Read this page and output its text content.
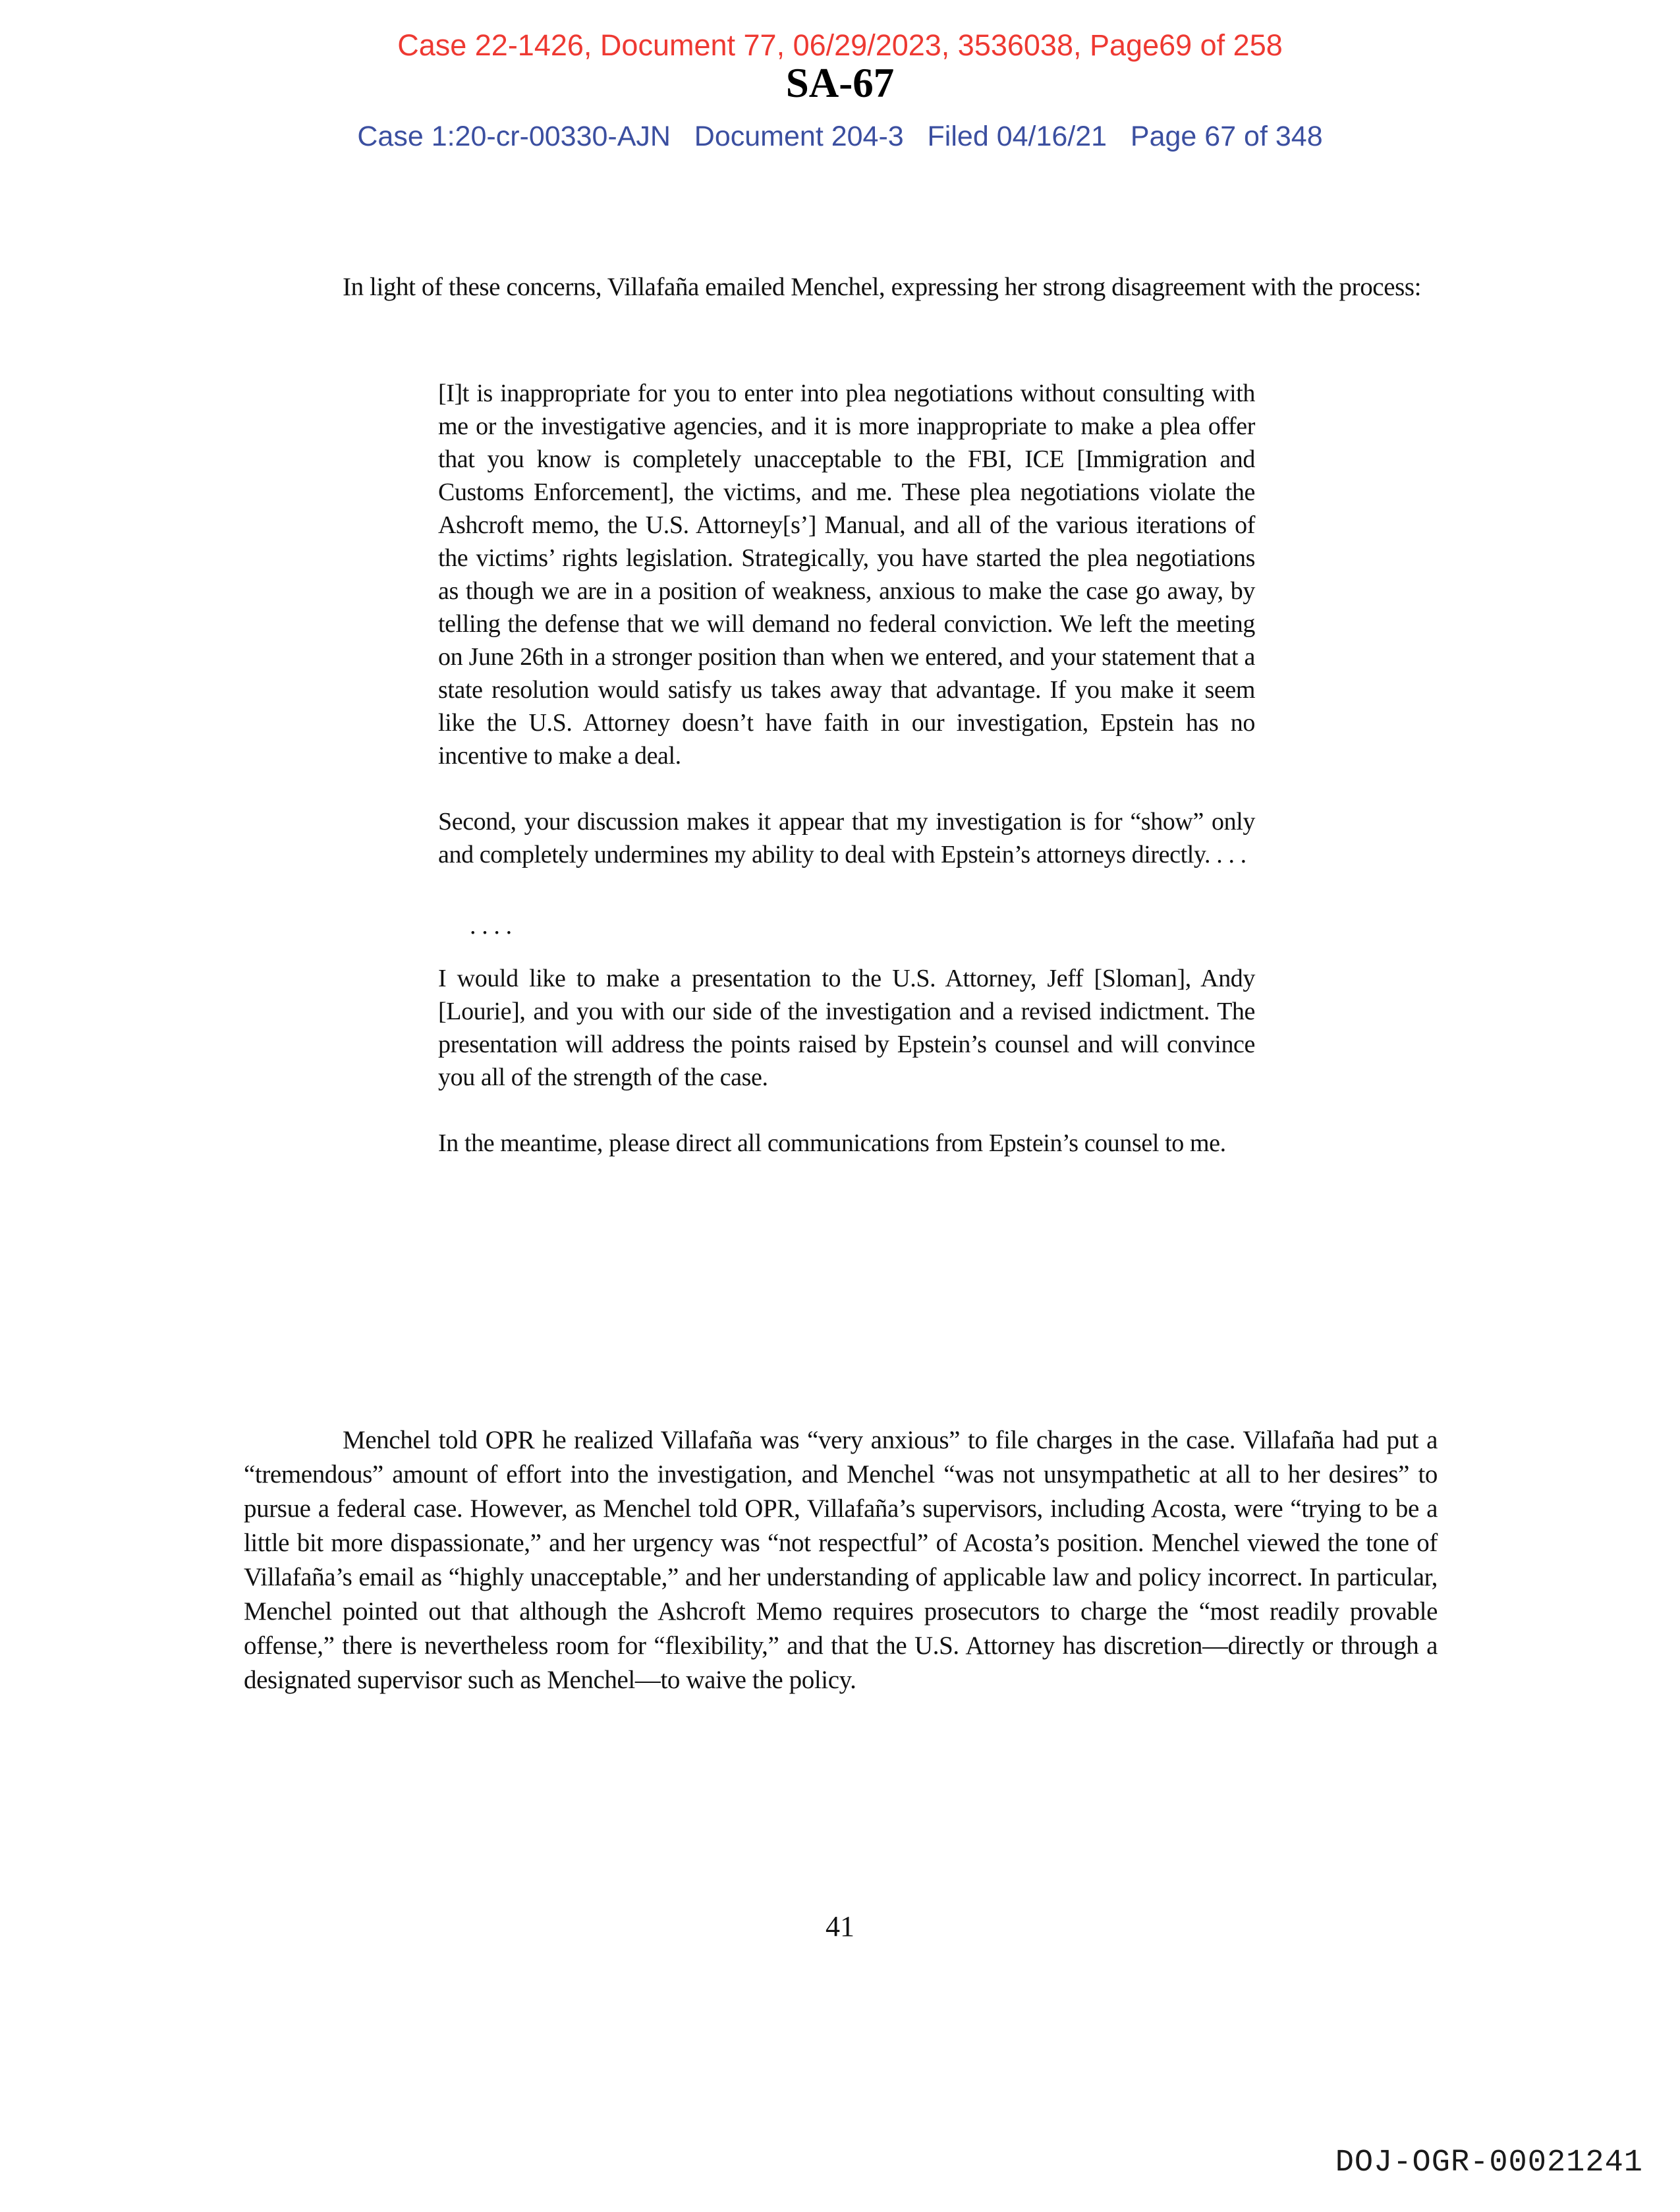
Case 22-1426, Document 77, 06/29/2023, 3536038, Page69 of 258
SA-67
Case 1:20-cr-00330-AJN   Document 204-3   Filed 04/16/21   Page 67 of 348

In light of these concerns, Villafaña emailed Menchel, expressing her strong disagreement with the process:

[I]t is inappropriate for you to enter into plea negotiations without consulting with me or the investigative agencies, and it is more inappropriate to make a plea offer that you know is completely unacceptable to the FBI, ICE [Immigration and Customs Enforcement], the victims, and me. These plea negotiations violate the Ashcroft memo, the U.S. Attorney[s’] Manual, and all of the various iterations of the victims’ rights legislation. Strategically, you have started the plea negotiations as though we are in a position of weakness, anxious to make the case go away, by telling the defense that we will demand no federal conviction. We left the meeting on June 26th in a stronger position than when we entered, and your statement that a state resolution would satisfy us takes away that advantage. If you make it seem like the U.S. Attorney doesn’t have faith in our investigation, Epstein has no incentive to make a deal.

Second, your discussion makes it appear that my investigation is for “show” only and completely undermines my ability to deal with Epstein’s attorneys directly. . . .

. . . .

I would like to make a presentation to the U.S. Attorney, Jeff [Sloman], Andy [Lourie], and you with our side of the investigation and a revised indictment. The presentation will address the points raised by Epstein’s counsel and will convince you all of the strength of the case.

In the meantime, please direct all communications from Epstein’s counsel to me.

Menchel told OPR he realized Villafaña was “very anxious” to file charges in the case. Villafaña had put a “tremendous” amount of effort into the investigation, and Menchel “was not unsympathetic at all to her desires” to pursue a federal case. However, as Menchel told OPR, Villafaña’s supervisors, including Acosta, were “trying to be a little bit more dispassionate,” and her urgency was “not respectful” of Acosta’s position. Menchel viewed the tone of Villafaña’s email as “highly unacceptable,” and her understanding of applicable law and policy incorrect. In particular, Menchel pointed out that although the Ashcroft Memo requires prosecutors to charge the “most readily provable offense,” there is nevertheless room for “flexibility,” and that the U.S. Attorney has discretion—directly or through a designated supervisor such as Menchel—to waive the policy.

41
DOJ-OGR-00021241
